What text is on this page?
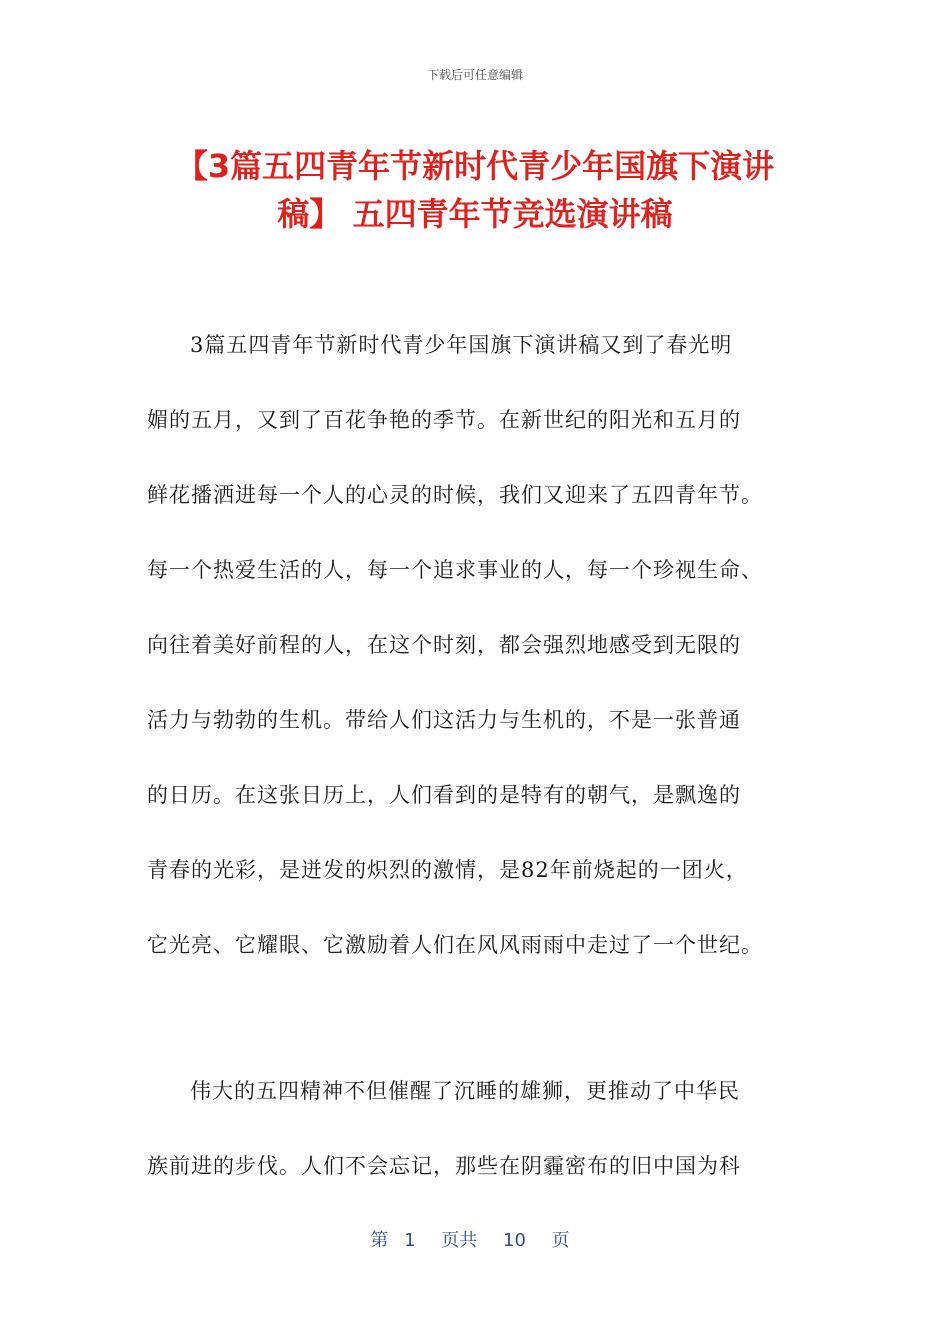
下载后可任意编辑
【3篇五四青年节新时代青少年国旗下演讲
稿】 五四青年节竞选演讲稿
3篇五四青年节新时代青少年国旗下演讲稿又到了春光明
媚的五月，又到了百花争艳的季节。在新世纪的阳光和五月的
鲜花播洒进每一个人的心灵的时候，我们又迎来了五四青年节。
每一个热爱生活的人，每一个追求事业的人，每一个珍视生命、
向往着美好前程的人，在这个时刻，都会强烈地感受到无限的
活力与勃勃的生机。带给人们这活力与生机的，不是一张普通
的日历。在这张日历上，人们看到的是特有的朝气，是飘逸的
青春的光彩，是迸发的炽烈的激情，是82年前烧起的一团火，
它光亮、它耀眼、它激励着人们在风风雨雨中走过了一个世纪。
伟大的五四精神不但催醒了沉睡的雄狮，更推动了中华民
族前进的步伐。人们不会忘记，那些在阴霾密布的旧中国为科
第 1 页共 10 页
